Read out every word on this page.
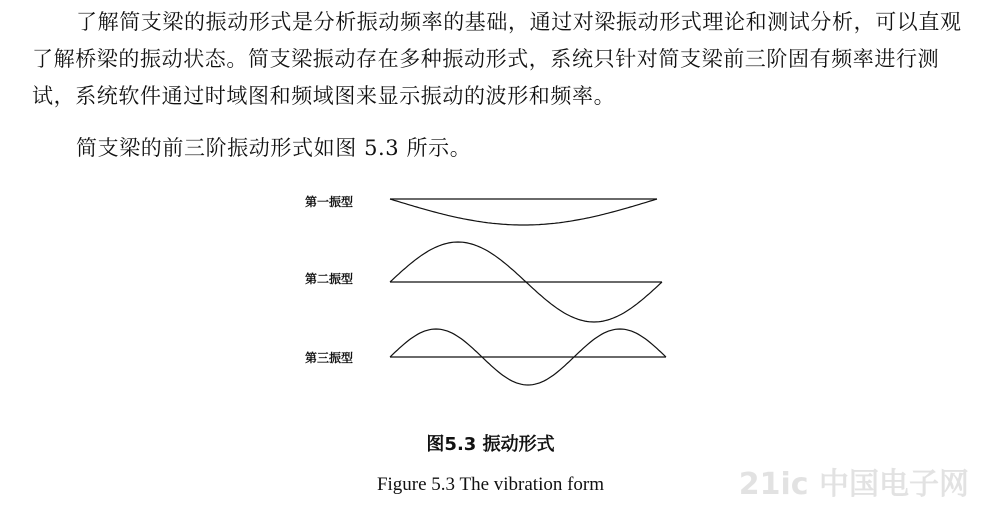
了解简支梁的振动形式是分析振动频率的基础，通过对梁振动形式理论和测试分析，可以直观了解桥梁的振动状态。简支梁振动存在多种振动形式，系统只针对简支梁前三阶固有频率进行测试，系统软件通过时域图和频域图来显示振动的波形和频率。

简支梁的前三阶振动形式如图 5.3 所示。

第一振型
第二振型
第三振型
图5.3 振动形式
Figure 5.3 The vibration form	21ic 中国电子网
